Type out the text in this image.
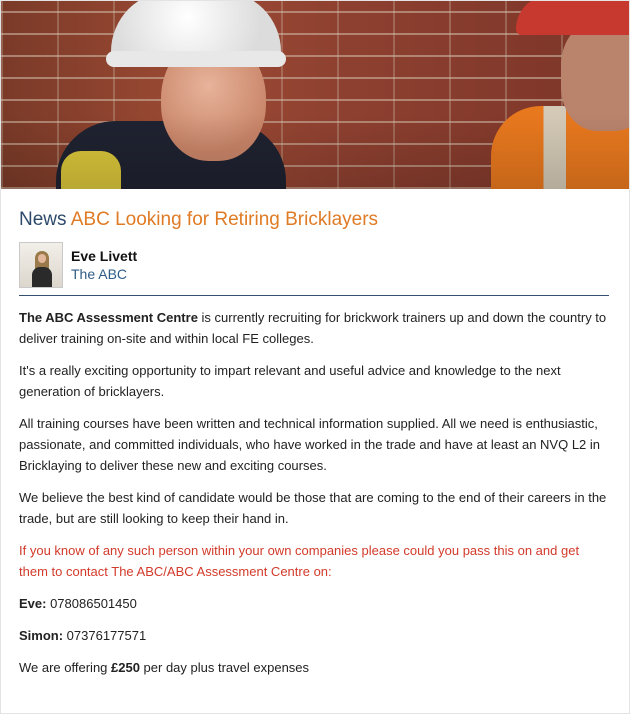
News ABC Looking for Retiring Bricklayers
Eve Livett
The ABC

The ABC Assessment Centre is currently recruiting for brickwork trainers up and down the country to deliver training on-site and within local FE colleges.

It's a really exciting opportunity to impart relevant and useful advice and knowledge to the next generation of bricklayers.

All training courses have been written and technical information supplied. All we need is enthusiastic, passionate, and committed individuals, who have worked in the trade and have at least an NVQ L2 in Bricklaying to deliver these new and exciting courses.

We believe the best kind of candidate would be those that are coming to the end of their careers in the trade, but are still looking to keep their hand in.

If you know of any such person within your own companies please could you pass this on and get them to contact The ABC/ABC Assessment Centre on:

Eve: 078086501450

Simon: 07376177571

We are offering £250 per day plus travel expenses
